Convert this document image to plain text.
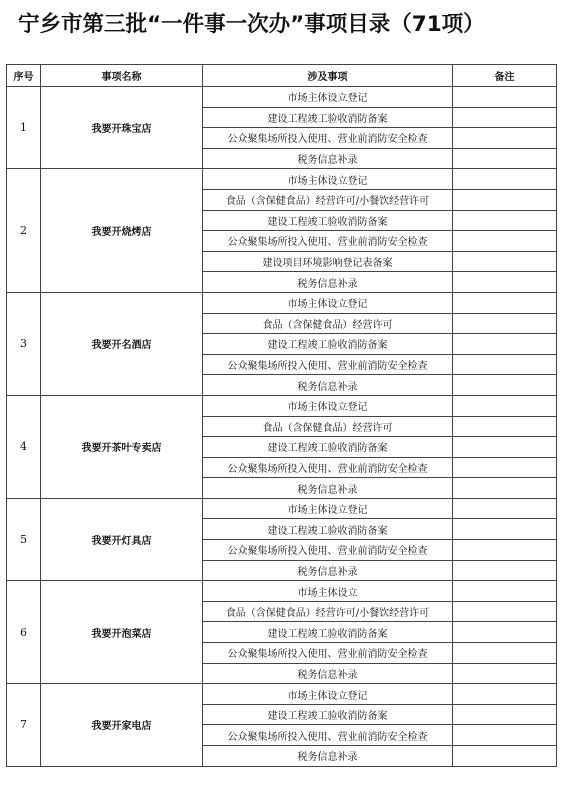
宁乡市第三批“一件事一次办”事项目录（71项）
序号	事项名称	涉及事项	备注
1	我要开珠宝店	市场主体设立登记	
		建设工程竣工验收消防备案	
		公众聚集场所投入使用、营业前消防安全检查	
		税务信息补录	
2	我要开烧烤店	市场主体设立登记	
		食品（含保健食品）经营许可/小餐饮经营许可	
		建设工程竣工验收消防备案	
		公众聚集场所投入使用、营业前消防安全检查	
		建设项目环境影响登记表备案	
		税务信息补录	
3	我要开名酒店	市场主体设立登记	
		食品（含保健食品）经营许可	
		建设工程竣工验收消防备案	
		公众聚集场所投入使用、营业前消防安全检查	
		税务信息补录	
4	我要开茶叶专卖店	市场主体设立登记	
		食品（含保健食品）经营许可	
		建设工程竣工验收消防备案	
		公众聚集场所投入使用、营业前消防安全检查	
		税务信息补录	
5	我要开灯具店	市场主体设立登记	
		建设工程竣工验收消防备案	
		公众聚集场所投入使用、营业前消防安全检查	
		税务信息补录	
6	我要开泡菜店	市场主体设立	
		食品（含保健食品）经营许可/小餐饮经营许可	
		建设工程竣工验收消防备案	
		公众聚集场所投入使用、营业前消防安全检查	
		税务信息补录	
7	我要开家电店	市场主体设立登记	
		建设工程竣工验收消防备案	
		公众聚集场所投入使用、营业前消防安全检查	
		税务信息补录	
